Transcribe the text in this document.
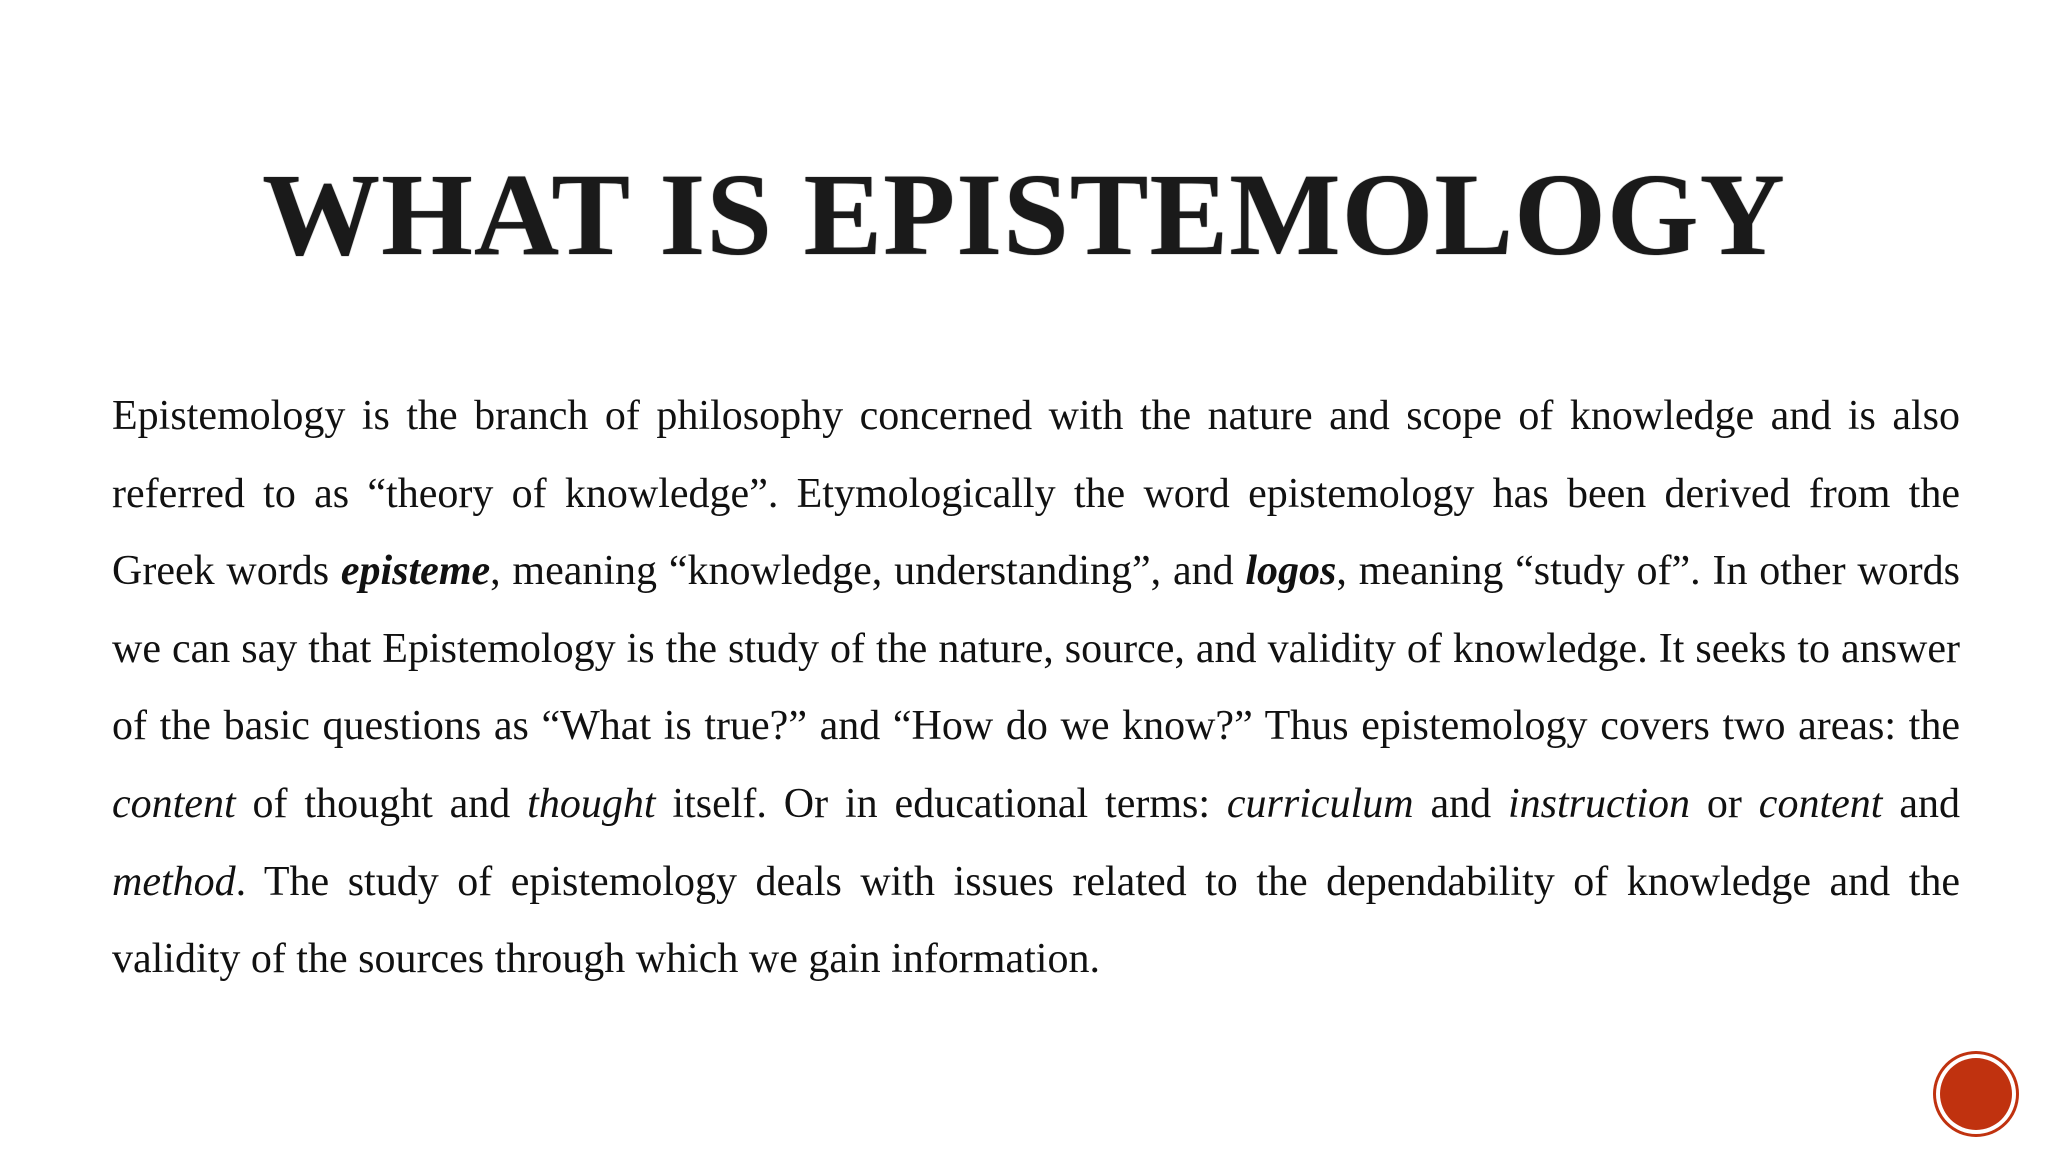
WHAT IS EPISTEMOLOGY

Epistemology is the branch of philosophy concerned with the nature and scope of knowledge and is also referred to as “theory of knowledge”. Etymologically the word epistemology has been derived from the Greek words episteme, meaning “knowledge, understanding”, and logos, meaning “study of”. In other words we can say that Epistemology is the study of the nature, source, and validity of knowledge. It seeks to answer of the basic questions as “What is true?” and “How do we know?” Thus epistemology covers two areas: the content of thought and thought itself. Or in educational terms: curriculum and instruction or content and method. The study of epistemology deals with issues related to the dependability of knowledge and the validity of the sources through which we gain information.
